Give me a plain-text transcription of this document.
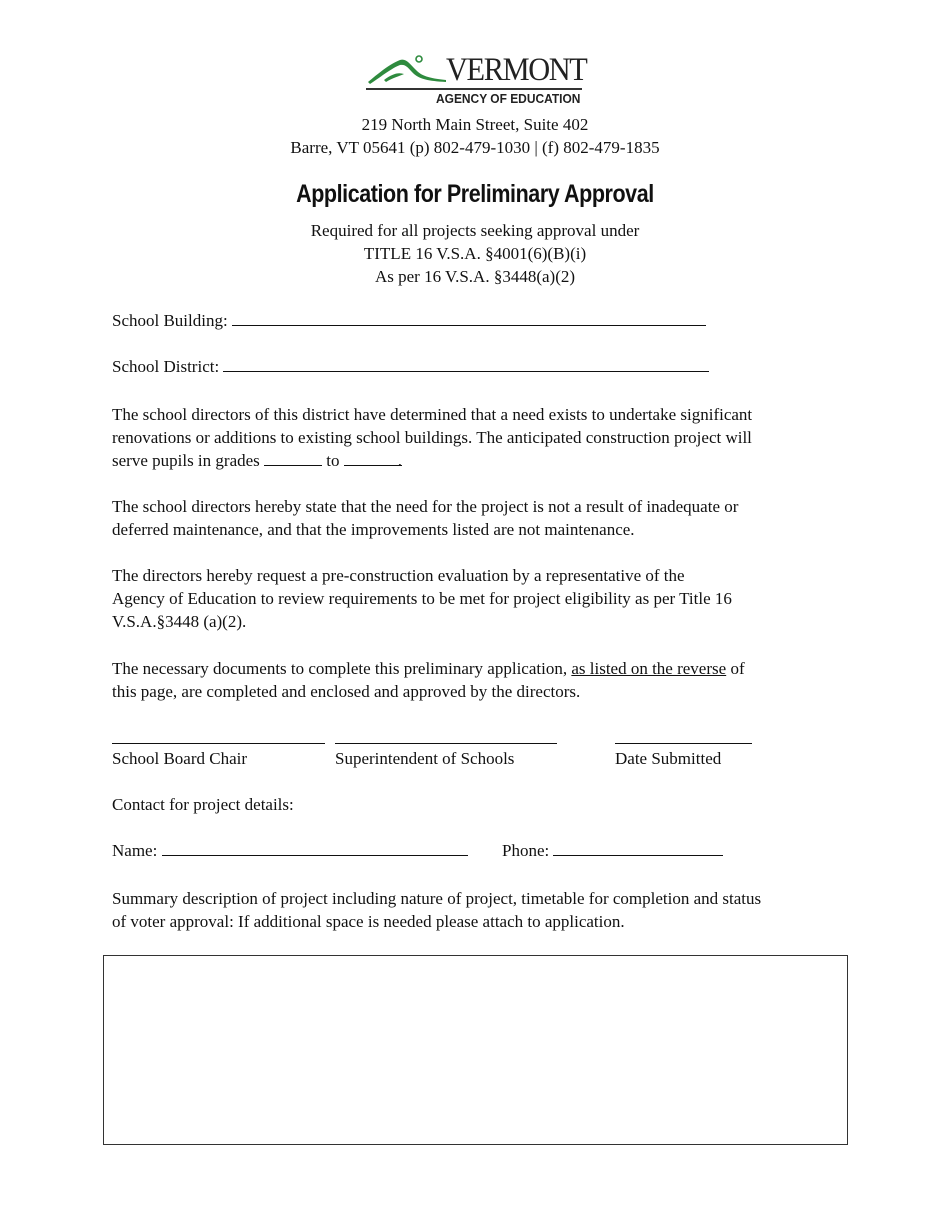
VERMONT
AGENCY OF EDUCATION
219 North Main Street, Suite 402
Barre, VT 05641 (p) 802-479-1030 | (f) 802-479-1835
Application for Preliminary Approval
Required for all projects seeking approval under
TITLE 16 V.S.A. §4001(6)(B)(i)
As per 16 V.S.A. §3448(a)(2)
School Building:
School District:
The school directors of this district have determined that a need exists to undertake significant
renovations or additions to existing school buildings. The anticipated construction project will
serve pupils in grades	to	.
The school directors hereby state that the need for the project is not a result of inadequate or
deferred maintenance, and that the improvements listed are not maintenance.
The directors hereby request a pre-construction evaluation by a representative of the
Agency of Education to review requirements to be met for project eligibility as per Title 16
V.S.A.§3448 (a)(2).
The necessary documents to complete this preliminary application, as listed on the reverse of
this page, are completed and enclosed and approved by the directors.
School Board Chair	Superintendent of Schools	Date Submitted
Contact for project details:
Name:	Phone:
Summary description of project including nature of project, timetable for completion and status
of voter approval: If additional space is needed please attach to application.
